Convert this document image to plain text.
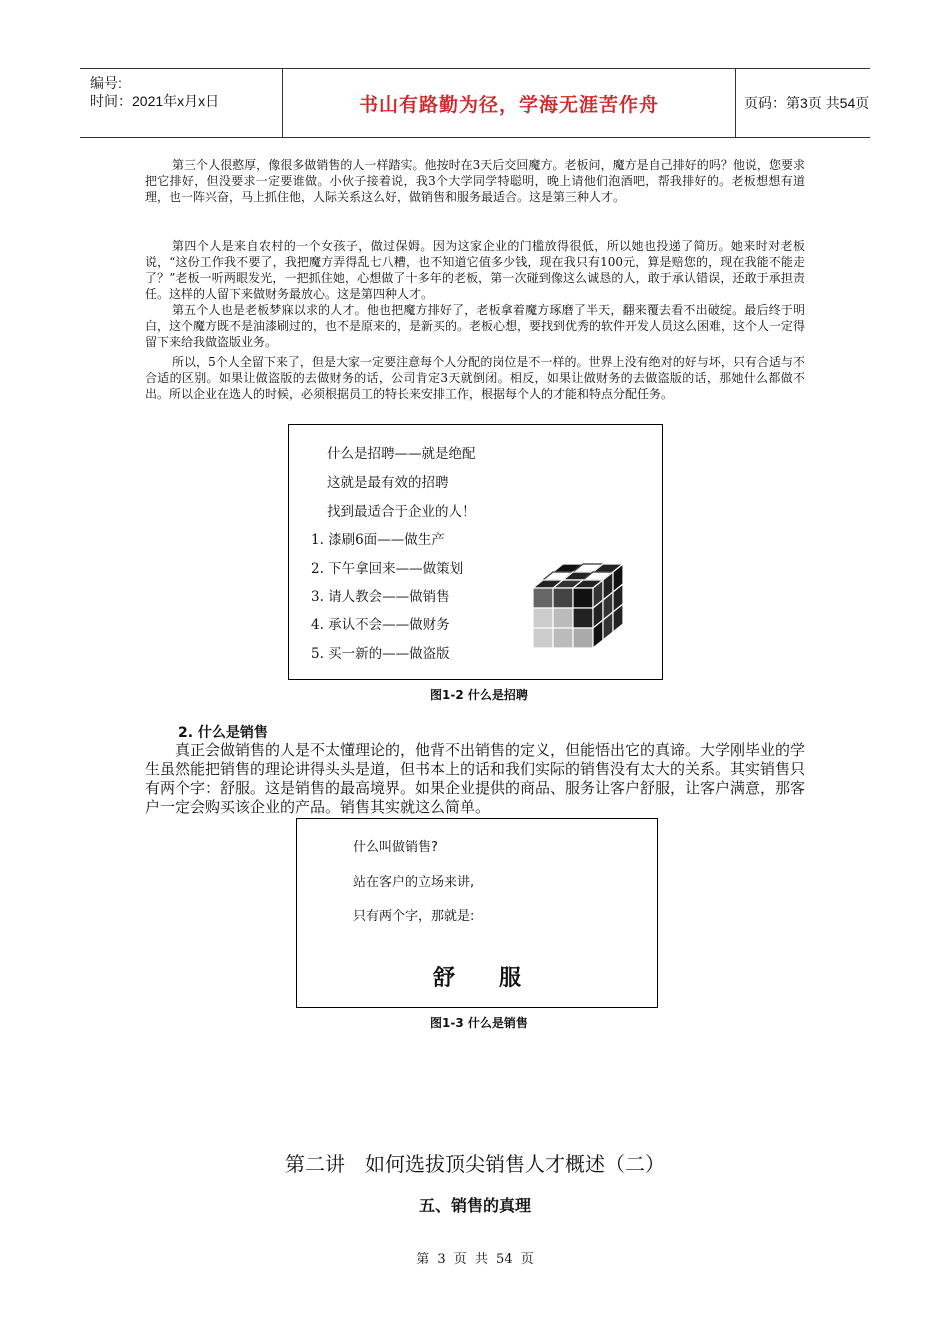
编号:
时间：2021年x月x日	书山有路勤为径，学海无涯苦作舟	页码：第3页 共54页

第三个人很憨厚，像很多做销售的人一样踏实。他按时在3天后交回魔方。老板问，魔方是自己排好的吗？他说，您要求把它排好，但没要求一定要谁做。小伙子接着说，我3个大学同学特聪明，晚上请他们泡酒吧，帮我排好的。老板想想有道理，也一阵兴奋，马上抓住他，人际关系这么好，做销售和服务最适合。这是第三种人才。

第四个人是来自农村的一个女孩子，做过保姆。因为这家企业的门槛放得很低，所以她也投递了简历。她来时对老板说，“这份工作我不要了，我把魔方弄得乱七八糟，也不知道它值多少钱，现在我只有100元，算是赔您的，现在我能不能走了？”老板一听两眼发光，一把抓住她，心想做了十多年的老板，第一次碰到像这么诚恳的人，敢于承认错误，还敢于承担责任。这样的人留下来做财务最放心。这是第四种人才。

第五个人也是老板梦寐以求的人才。他也把魔方排好了，老板拿着魔方琢磨了半天，翻来覆去看不出破绽。最后终于明白，这个魔方既不是油漆刷过的，也不是原来的，是新买的。老板心想，要找到优秀的软件开发人员这么困难，这个人一定得留下来给我做盗版业务。

所以，5个人全留下来了，但是大家一定要注意每个人分配的岗位是不一样的。世界上没有绝对的好与坏，只有合适与不合适的区别。如果让做盗版的去做财务的话，公司肯定3天就倒闭。相反，如果让做财务的去做盗版的话，那她什么都做不出。所以企业在选人的时候，必须根据员工的特长来安排工作，根据每个人的才能和特点分配任务。

什么是招聘——就是绝配
这就是最有效的招聘
找到最适合于企业的人！
1. 漆刷6面——做生产
2. 下午拿回来——做策划
3. 请人教会——做销售
4. 承认不会——做财务
5. 买一新的——做盗版
图1-2 什么是招聘
2. 什么是销售

真正会做销售的人是不太懂理论的，他背不出销售的定义，但能悟出它的真谛。大学刚毕业的学生虽然能把销售的理论讲得头头是道，但书本上的话和我们实际的销售没有太大的关系。其实销售只有两个字：舒服。这是销售的最高境界。如果企业提供的商品、服务让客户舒服，让客户满意，那客户一定会购买该企业的产品。销售其实就这么简单。

什么叫做销售?
站在客户的立场来讲,
只有两个字，那就是:
舒　　服
图1-3 什么是销售
第二讲　如何选拔顶尖销售人才概述（二）
五、销售的真理
第 3 页 共 54 页
